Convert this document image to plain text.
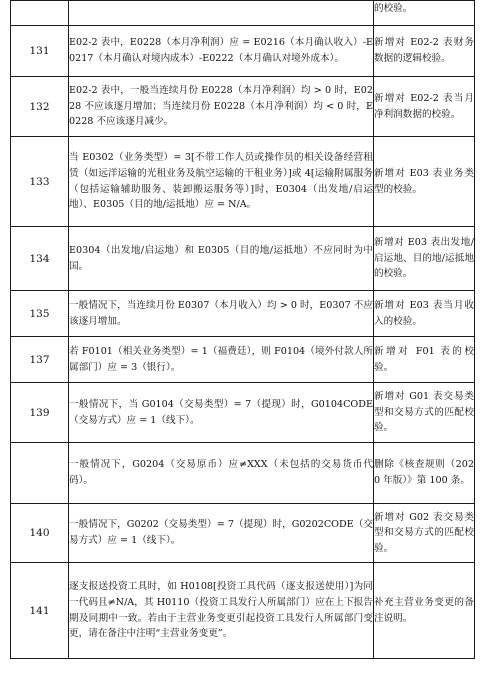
		的校验。

131	E02-2 表中，E0228（本月净利润）应 = E0216（本月确认收入）-E0217（本月确认对境内成本）-E0222（本月确认对境外成本）。	新增对 E02-2 表财务数据的逻辑校验。

132	E02-2 表中，一般当连续月份 E0228（本月净利润）均 > 0 时，E0228 不应该逐月增加；当连续月份 E0228（本月净利润）均 < 0 时，E0228 不应该逐月减少。	新增对 E02-2 表当月净利润数据的校验。

133	当 E0302（业务类型）= 3[不带工作人员或操作员的相关设备经营租赁（如远洋运输的光租业务及航空运输的干租业务）]或 4[运输附属服务（包括运输辅助服务、装卸搬运服务等）]时，E0304（出发地/启运地）、E0305（目的地/运抵地）应 = N/A。	新增对 E03 表业务类型的校验。

134	E0304（出发地/启运地）和 E0305（目的地/运抵地）不应同时为中国。	新增对 E03 表出发地/启运地、目的地/运抵地的校验。

135	一般情况下，当连续月份 E0307（本月收入）均 > 0 时，E0307 不应该逐月增加。	新增对 E03 表当月收入的校验。

137	若 F0101（相关业务类型）= 1（福费廷），则 F0104（境外付款人所属部门）应 = 3（银行）。	新增对 F01 表的校验。

139	一般情况下，当 G0104（交易类型）= 7（提现）时，G0104CODE（交易方式）应 = 1（线下）。	新增对 G01 表交易类型和交易方式的匹配校验。

	一般情况下，G0204（交易原币）应≠XXX（未包括的交易货币代码）。	删除《核查规则（2020 年版）》第 100 条。

140	一般情况下，G0202（交易类型）= 7（提现）时，G0202CODE（交易方式）应 = 1（线下）。	新增对 G02 表交易类型和交易方式的匹配校验。

141	逐支报送投资工具时，如 H0108[投资工具代码（逐支报送使用）]为同一代码且≠N/A，其 H0110（投资工具发行人所属部门）应在上下报告期及同期中一致。若由于主营业务变更引起投资工具发行人所属部门变更，请在备注中注明“主营业务变更”。	补充主营业务变更的备注说明。
